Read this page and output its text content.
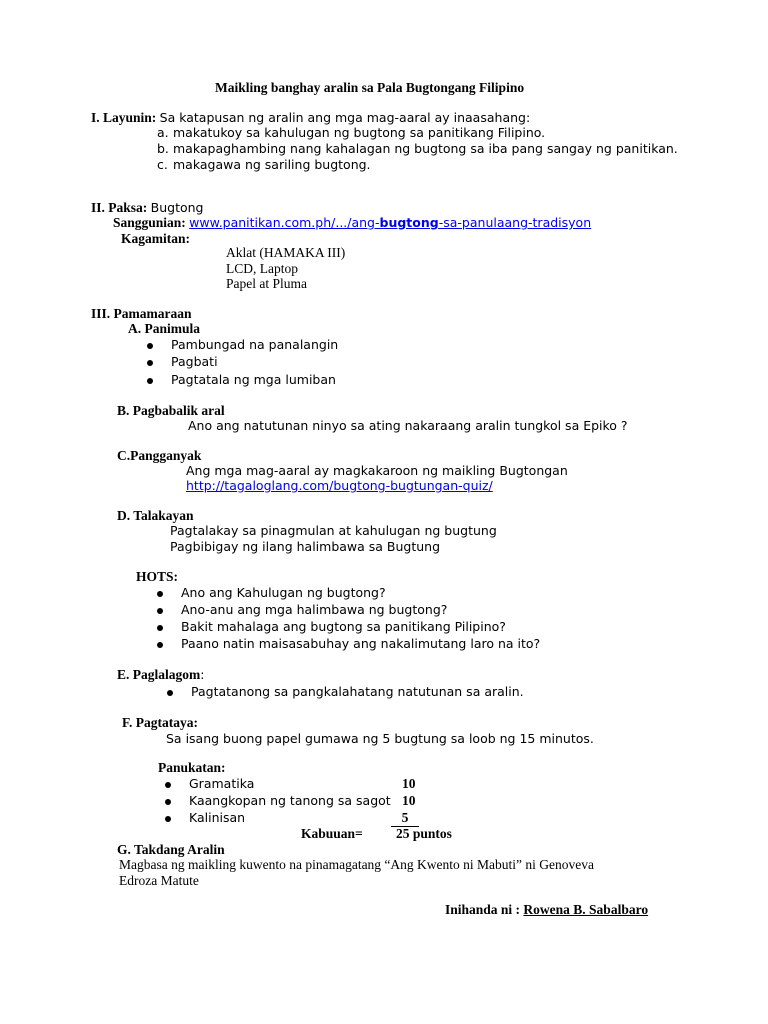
Maikling banghay aralin sa Pala Bugtongang Filipino
I. Layunin: Sa katapusan ng aralin ang mga mag-aaral ay inaasahang:
a. makatukoy sa kahulugan ng bugtong sa panitikang Filipino.
b. makapaghambing nang kahalagan ng bugtong sa iba pang sangay ng panitikan.
c. makagawa ng sariling bugtong.
II. Paksa: Bugtong
Sanggunian: www.panitikan.com.ph/.../ang-bugtong-sa-panulaang-tradisyon
Kagamitan:
Aklat (HAMAKA III)
LCD, Laptop
Papel at Pluma
III. Pamamaraan
A. Panimula
Pambungad na panalangin
Pagbati
Pagtatala ng mga lumiban
B. Pagbabalik aral
Ano ang natutunan ninyo sa ating nakaraang aralin tungkol sa Epiko ?
C.Pangganyak
Ang mga mag-aaral ay magkakaroon ng maikling Bugtongan
http://tagaloglang.com/bugtong-bugtungan-quiz/
D. Talakayan
Pagtalakay sa pinagmulan at kahulugan ng bugtung
Pagbibigay ng ilang halimbawa sa Bugtung
HOTS:
Ano ang Kahulugan ng bugtong?
Ano-anu ang mga halimbawa ng bugtong?
Bakit mahalaga ang bugtong sa panitikang Pilipino?
Paano natin maisasabuhay ang nakalimutang laro na ito?
E. Paglalagom:
Pagtatanong sa pangkalahatang natutunan sa aralin.
F. Pagtataya:
Sa isang buong papel gumawa ng 5 bugtung sa loob ng 15 minutos.
Panukatan:
Gramatika	10
Kaangkopan ng tanong sa sagot 10
Kalinisan	5
Kabuuan= 25 puntos
G. Takdang Aralin
Magbasa ng maikling kuwento na pinamagatang “Ang Kwento ni Mabuti” ni Genoveva
Edroza Matute
Inihanda ni : Rowena B. Sabalbaro
